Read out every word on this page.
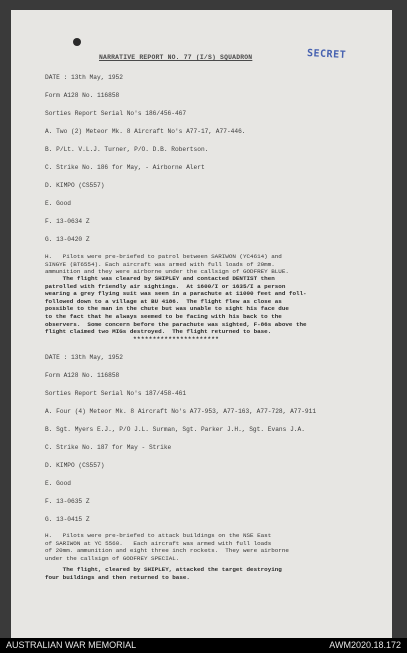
NARRATIVE REPORT NO. 77 (I/S) SQUADRON	SECRET
DATE : 13th May, 1952
Form A128 No. 116858
Sorties Report Serial No's 186/456-467
A. Two (2) Meteor Mk. 8 Aircraft No's A77-17, A77-446.
B. P/Lt. V.L.J. Turner, P/O. D.B. Robertson.
C. Strike No. 186 for May, - Airborne Alert
D. KIMPO (CS557)
E. Good
F. 13-0634 Z
G. 13-0420 Z
H.   Pilots were pre-briefed to patrol between SARIWON (YC4614) and
SINGYE (BT6554). Each aircraft was armed with full loads of 20mm.
ammunition and they were airborne under the callsign of GODFREY BLUE.
The flight was cleared by SHIPLEY and contacted DENTIST then
patrolled with friendly air sightings.  At 1600/I or 1635/I a person
wearing a grey flying suit was seen in a parachute at 11000 feet and foll-
followed down to a village at BU 4186.  The flight flew as close as
possible to the man in the chute but was unable to sight his face due
to the fact that he always seemed to be facing with his back to the
observers.  Some concern before the parachute was sighted, F-86s above the
flight claimed two MIGs destroyed.  The flight returned to base.
**********************
DATE : 13th May, 1952
Form A128 No. 116858
Sorties Report Serial No's 187/458-461
A. Four (4) Meteor Mk. 8 Aircraft No's A77-953, A77-163, A77-728, A77-911
B. Sgt. Myers E.J., P/O J.L. Surman, Sgt. Parker J.H., Sgt. Evans J.A.
C. Strike No. 187 for May - Strike
D. KIMPO (CS557)
E. Good
F. 13-0635 Z
G. 13-0415 Z
H.   Pilots were pre-briefed to attack buildings on the NSE East
of SARIWON at YC 5560.   Each aircraft was armed with full loads
of 20mm. ammunition and eight three inch rockets.  They were airborne
under the callsign of GODFREY SPECIAL.
The flight, cleared by SHIPLEY, attacked the target destroying
four buildings and then returned to base.
AUSTRALIAN WAR MEMORIAL	AWM2020.18.172
